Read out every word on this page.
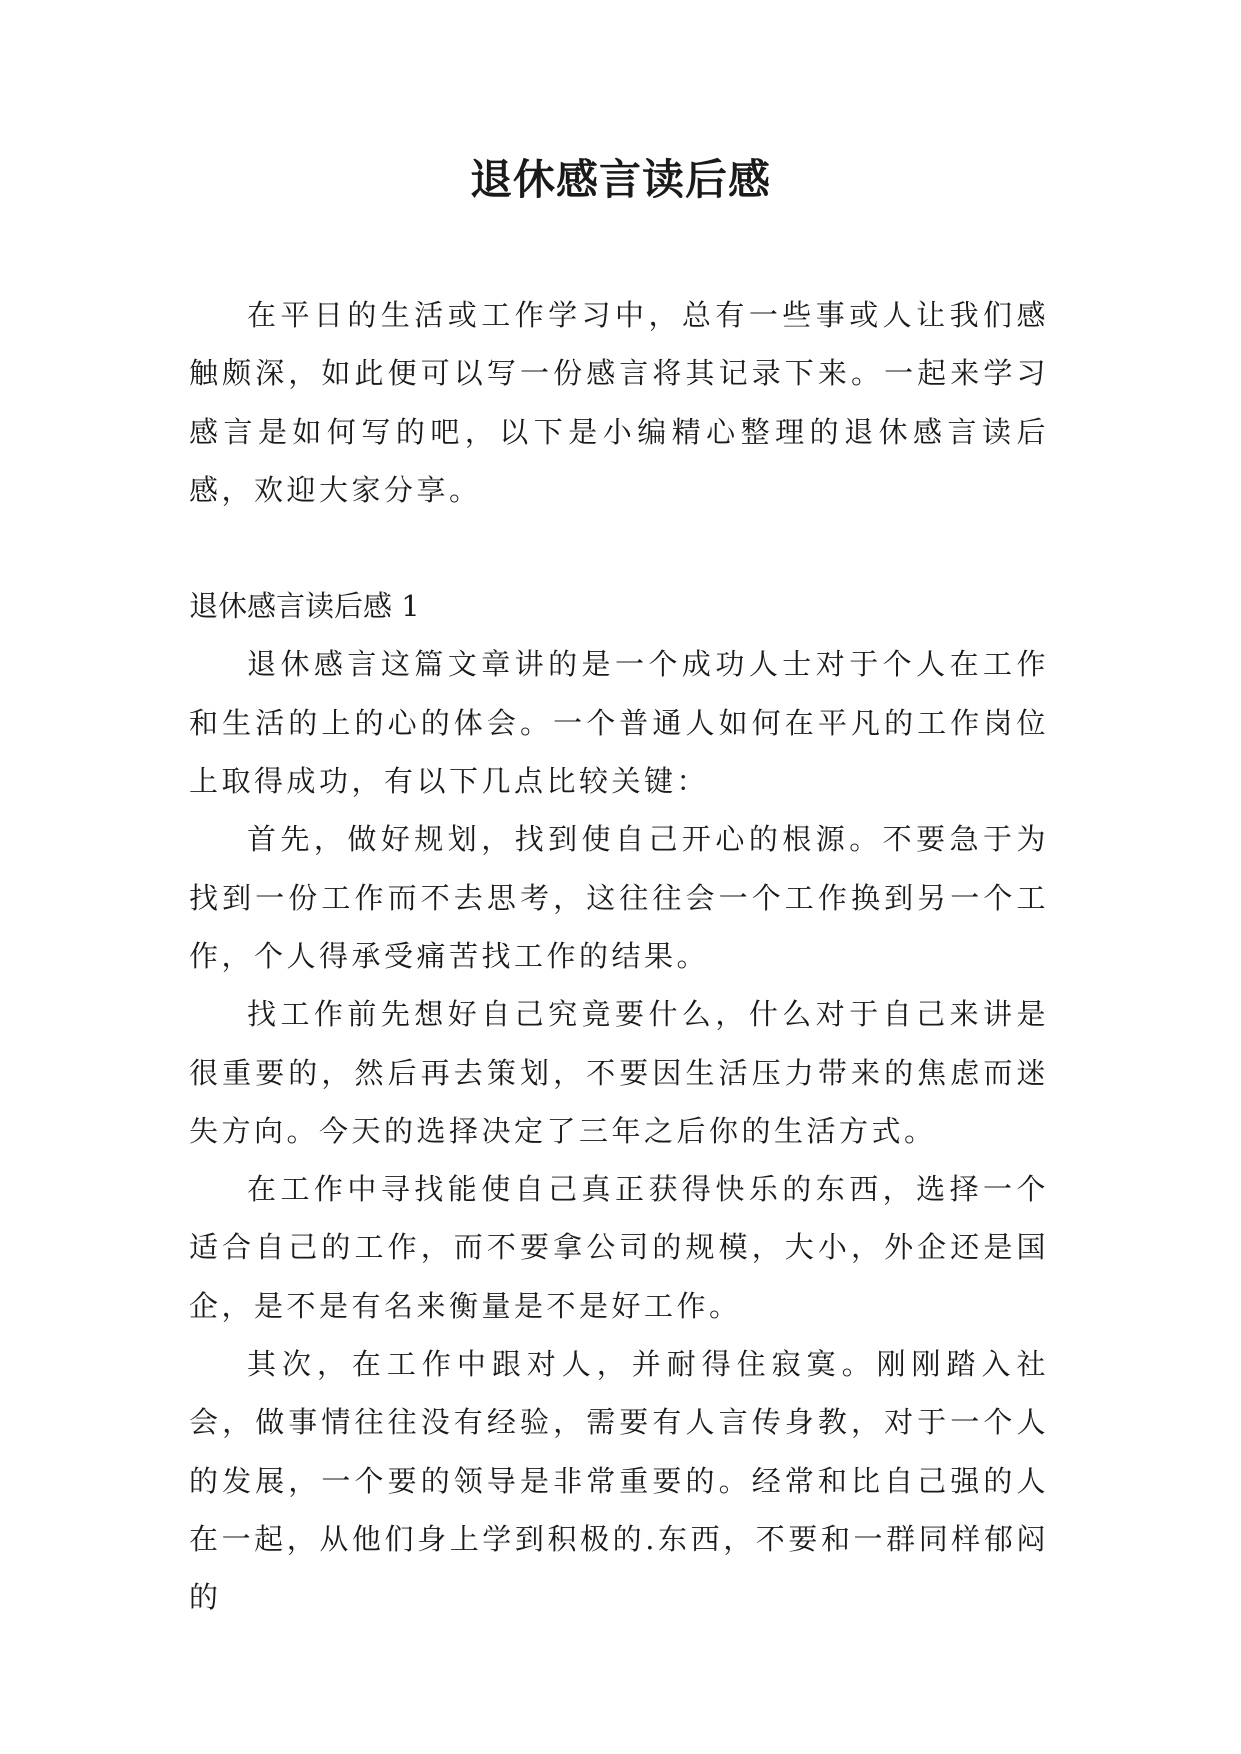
退休感言读后感

在平日的生活或工作学习中，总有一些事或人让我们感触颇深，如此便可以写一份感言将其记录下来。一起来学习感言是如何写的吧，以下是小编精心整理的退休感言读后感，欢迎大家分享。

退休感言读后感 1

退休感言这篇文章讲的是一个成功人士对于个人在工作和生活的上的心的体会。一个普通人如何在平凡的工作岗位上取得成功，有以下几点比较关键：

首先，做好规划，找到使自己开心的根源。不要急于为找到一份工作而不去思考，这往往会一个工作换到另一个工作，个人得承受痛苦找工作的结果。

找工作前先想好自己究竟要什么，什么对于自己来讲是很重要的，然后再去策划，不要因生活压力带来的焦虑而迷失方向。今天的选择决定了三年之后你的生活方式。

在工作中寻找能使自己真正获得快乐的东西，选择一个适合自己的工作，而不要拿公司的规模，大小，外企还是国企，是不是有名来衡量是不是好工作。

其次，在工作中跟对人，并耐得住寂寞。刚刚踏入社会，做事情往往没有经验，需要有人言传身教，对于一个人的发展，一个要的领导是非常重要的。经常和比自己强的人在一起，从他们身上学到积极的.东西，不要和一群同样郁闷的
